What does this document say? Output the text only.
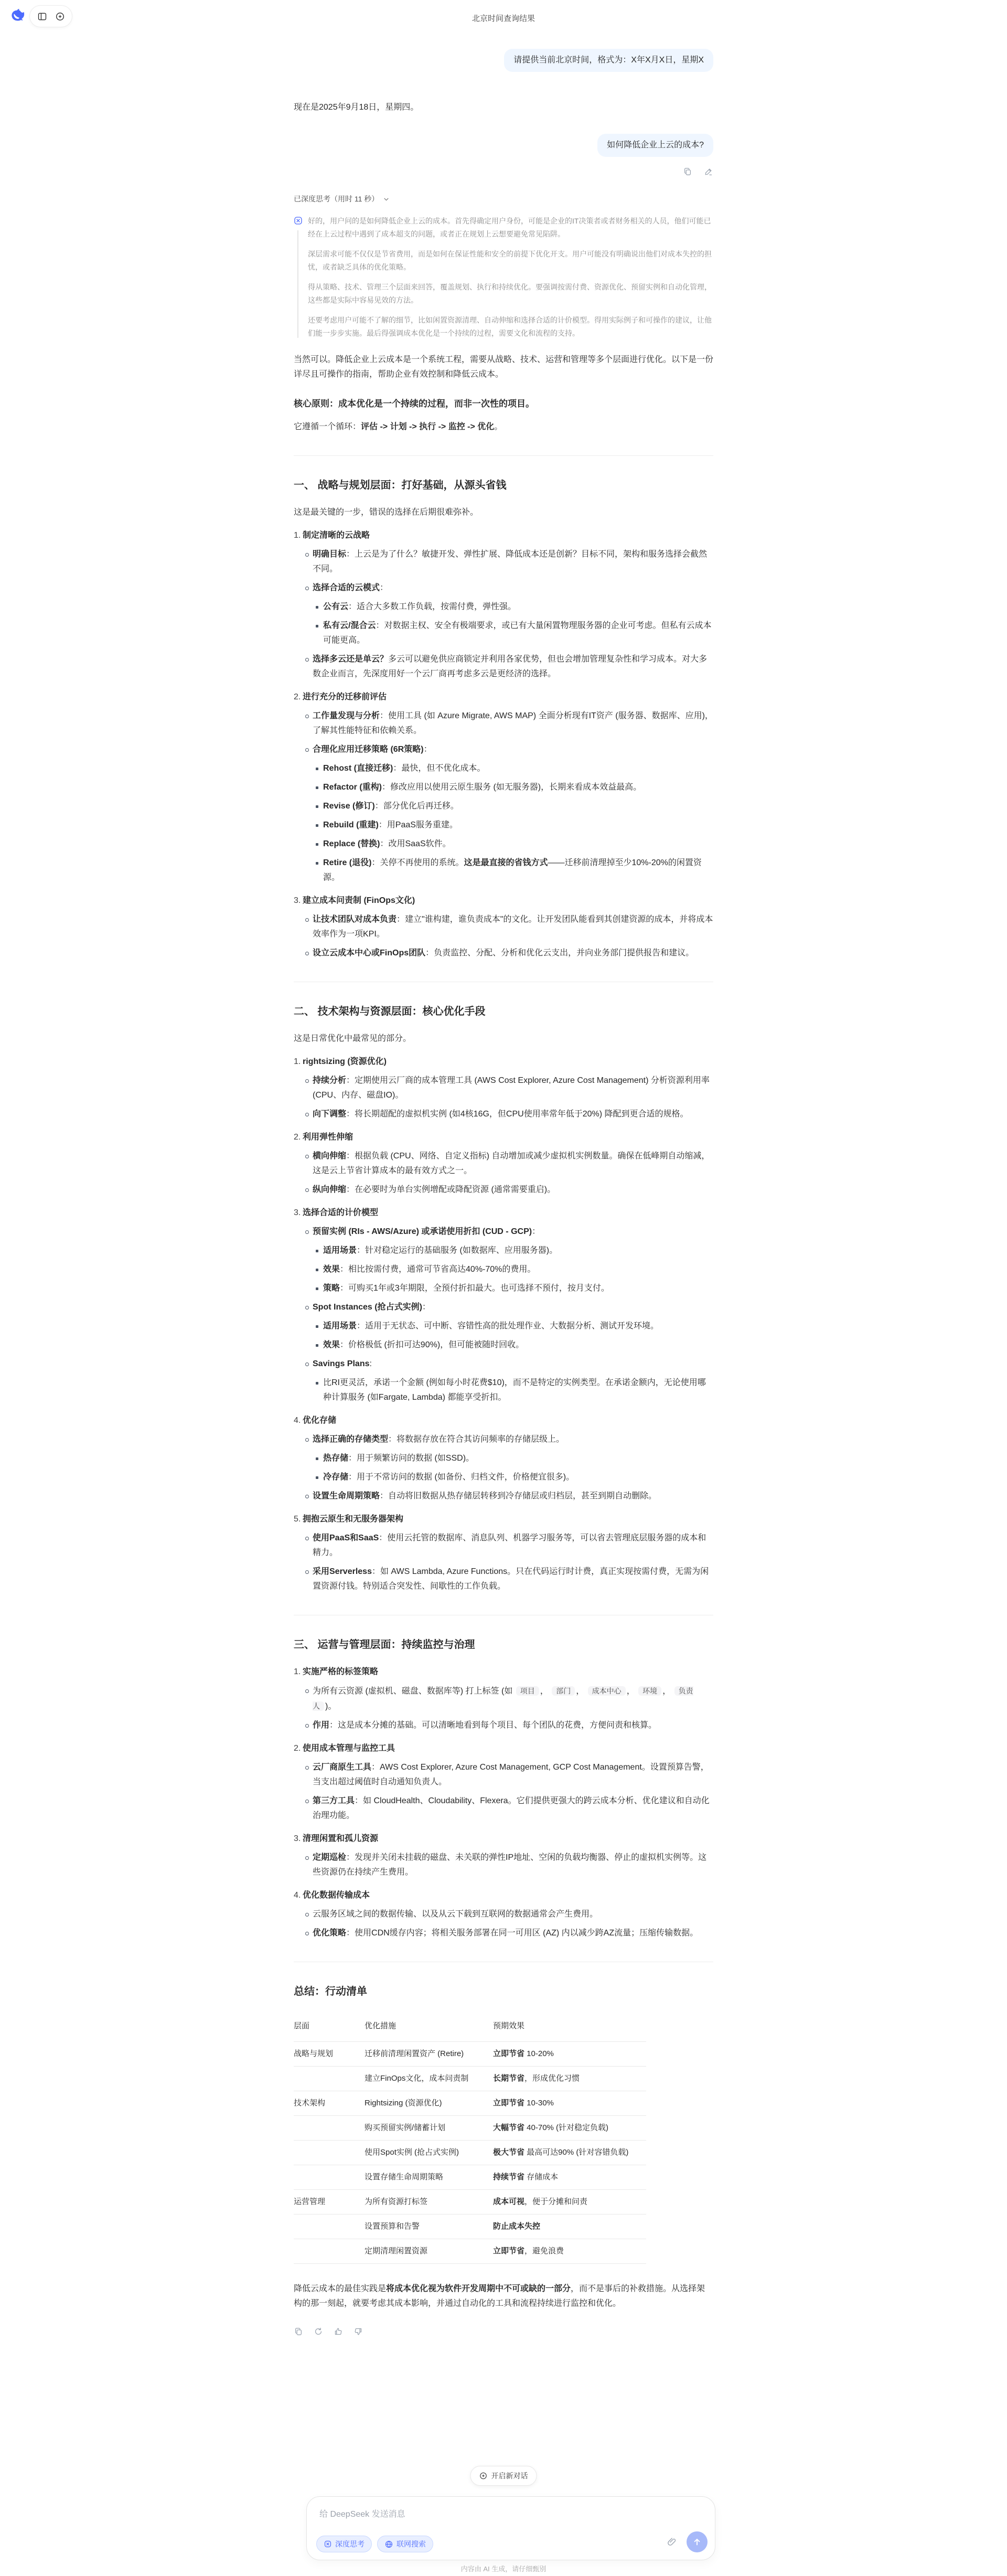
北京时间查询结果
请提供当前北京时间，格式为：X年X月X日，星期X
现在是2025年9月18日，星期四。
如何降低企业上云的成本?
已深度思考（用时 11 秒）
好的，用户问的是如何降低企业上云的成本。首先得确定用户身份，可能是企业的IT决策者或者财务相关的人员，他们可能已经在上云过程中遇到了成本超支的问题，或者正在规划上云想要避免常见陷阱。
深层需求可能不仅仅是节省费用，而是如何在保证性能和安全的前提下优化开支。用户可能没有明确说出他们对成本失控的担忧，或者缺乏具体的优化策略。
得从策略、技术、管理三个层面来回答，覆盖规划、执行和持续优化。要强调按需付费、资源优化、预留实例和自动化管理，这些都是实际中容易见效的方法。
还要考虑用户可能不了解的细节，比如闲置资源清理、自动伸缩和选择合适的计价模型。得用实际例子和可操作的建议，让他们能一步步实施。最后得强调成本优化是一个持续的过程，需要文化和流程的支持。
当然可以。降低企业上云成本是一个系统工程，需要从战略、技术、运营和管理等多个层面进行优化。以下是一份详尽且可操作的指南，帮助企业有效控制和降低云成本。
核心原则：成本优化是一个持续的过程，而非一次性的项目。
它遵循一个循环：评估 -> 计划 -> 执行 -> 监控 -> 优化。
一、 战略与规划层面：打好基础，从源头省钱
这是最关键的一步，错误的选择在后期很难弥补。
1. 制定清晰的云战略
明确目标：上云是为了什么？敏捷开发、弹性扩展、降低成本还是创新？目标不同，架构和服务选择会截然不同。
选择合适的云模式：
公有云：适合大多数工作负载，按需付费，弹性强。
私有云/混合云：对数据主权、安全有极端要求，或已有大量闲置物理服务器的企业可考虑。但私有云成本可能更高。
选择多云还是单云？多云可以避免供应商锁定并利用各家优势，但也会增加管理复杂性和学习成本。对大多数企业而言，先深度用好一个云厂商再考虑多云是更经济的选择。
2. 进行充分的迁移前评估
工作量发现与分析：使用工具 (如 Azure Migrate, AWS MAP) 全面分析现有IT资产 (服务器、数据库、应用)，了解其性能特征和依赖关系。
合理化应用迁移策略 (6R策略)：
Rehost (直接迁移)：最快，但不优化成本。
Refactor (重构)：修改应用以使用云原生服务 (如无服务器)，长期来看成本效益最高。
Revise (修订)：部分优化后再迁移。
Rebuild (重建)：用PaaS服务重建。
Replace (替换)：改用SaaS软件。
Retire (退役)：关停不再使用的系统。这是最直接的省钱方式——迁移前清理掉至少10%-20%的闲置资源。
3. 建立成本问责制 (FinOps文化)
让技术团队对成本负责：建立"谁构建，谁负责成本"的文化。让开发团队能看到其创建资源的成本，并将成本效率作为一项KPI。
设立云成本中心或FinOps团队：负责监控、分配、分析和优化云支出，并向业务部门提供报告和建议。
二、 技术架构与资源层面：核心优化手段
这是日常优化中最常见的部分。
1. rightsizing (资源优化)
持续分析：定期使用云厂商的成本管理工具 (AWS Cost Explorer, Azure Cost Management) 分析资源利用率 (CPU、内存、磁盘IO)。
向下调整：将长期超配的虚拟机实例 (如4核16G，但CPU使用率常年低于20%) 降配到更合适的规格。
2. 利用弹性伸缩
横向伸缩：根据负载 (CPU、网络、自定义指标) 自动增加或减少虚拟机实例数量。确保在低峰期自动缩减，这是云上节省计算成本的最有效方式之一。
纵向伸缩：在必要时为单台实例增配或降配资源 (通常需要重启)。
3. 选择合适的计价模型
预留实例 (RIs - AWS/Azure) 或承诺使用折扣 (CUD - GCP)：
适用场景：针对稳定运行的基础服务 (如数据库、应用服务器)。
效果：相比按需付费，通常可节省高达40%-70%的费用。
策略：可购买1年或3年期限，全预付折扣最大。也可选择不预付，按月支付。
Spot Instances (抢占式实例)：
适用场景：适用于无状态、可中断、容错性高的批处理作业、大数据分析、测试开发环境。
效果：价格极低 (折扣可达90%)，但可能被随时回收。
Savings Plans:
比RI更灵活，承诺一个金额 (例如每小时花费$10)，而不是特定的实例类型。在承诺金额内，无论使用哪种计算服务 (如Fargate, Lambda) 都能享受折扣。
4. 优化存储
选择正确的存储类型：将数据存放在符合其访问频率的存储层级上。
热存储：用于频繁访问的数据 (如SSD)。
冷存储：用于不常访问的数据 (如备份、归档文件，价格便宜很多)。
设置生命周期策略：自动将旧数据从热存储层转移到冷存储层或归档层，甚至到期自动删除。
5. 拥抱云原生和无服务器架构
使用PaaS和SaaS：使用云托管的数据库、消息队列、机器学习服务等，可以省去管理底层服务器的成本和精力。
采用Serverless：如 AWS Lambda, Azure Functions。只在代码运行时计费，真正实现按需付费，无需为闲置资源付钱。特别适合突发性、间歇性的工作负载。
三、 运营与管理层面：持续监控与治理
1. 实施严格的标签策略
为所有云资源 (虚拟机、磁盘、数据库等) 打上标签 (如 项目 ， 部门 ， 成本中心 ， 环境 ， 负责人 )。
作用：这是成本分摊的基础。可以清晰地看到每个项目、每个团队的花费，方便问责和核算。
2. 使用成本管理与监控工具
云厂商原生工具：AWS Cost Explorer, Azure Cost Management, GCP Cost Management。设置预算告警，当支出超过阈值时自动通知负责人。
第三方工具：如 CloudHealth、Cloudability、Flexera。它们提供更强大的跨云成本分析、优化建议和自动化治理功能。
3. 清理闲置和孤儿资源
定期巡检：发现并关闭未挂载的磁盘、未关联的弹性IP地址、空闲的负载均衡器、停止的虚拟机实例等。这些资源仍在持续产生费用。
4. 优化数据传输成本
云服务区域之间的数据传输、以及从云下载到互联网的数据通常会产生费用。
优化策略：使用CDN缓存内容；将相关服务部署在同一可用区 (AZ) 内以减少跨AZ流量；压缩传输数据。
总结：行动清单
层面	优化措施	预期效果
战略与规划	迁移前清理闲置资产 (Retire)	立即节省 10-20%
	建立FinOps文化，成本问责制	长期节省，形成优化习惯
技术架构	Rightsizing (资源优化)	立即节省 10-30%
	购买预留实例/储蓄计划	大幅节省 40-70% (针对稳定负载)
	使用Spot实例 (抢占式实例)	极大节省 最高可达90% (针对容错负载)
	设置存储生命周期策略	持续节省 存储成本
运营管理	为所有资源打标签	成本可视，便于分摊和问责
	设置预算和告警	防止成本失控
	定期清理闲置资源	立即节省，避免浪费
降低云成本的最佳实践是将成本优化视为软件开发周期中不可或缺的一部分，而不是事后的补救措施。从选择架构的那一刻起，就要考虑其成本影响，并通过自动化的工具和流程持续进行监控和优化。
开启新对话
给 DeepSeek 发送消息
深度思考	联网搜索
内容由 AI 生成，请仔细甄别
